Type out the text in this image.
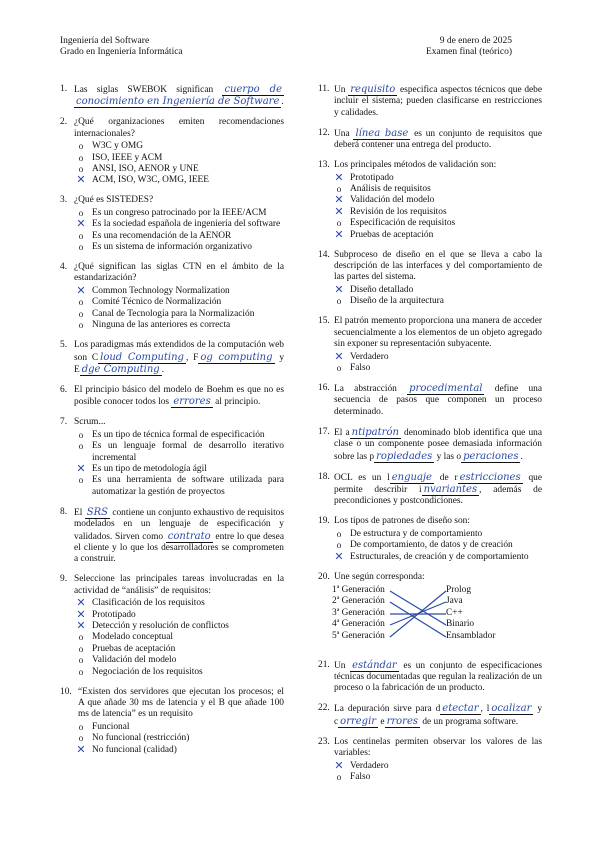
Ingeniería del Software
Grado en Ingeniería Informática
9 de enero de 2025
Examen final (teórico)
1. Las siglas SWEBOK significan cuerpo de conocimiento en Ingeniería de Software .
2. ¿Qué organizaciones emiten recomendaciones internacionales?
o W3C y OMG
o ISO, IEEE y ACM
o ANSI, ISO, AENOR y UNE
✕ ACM, ISO, W3C, OMG, IEEE
3. ¿Qué es SISTEDES?
o Es un congreso patrocinado por la IEEE/ACM
✕ Es la sociedad española de ingeniería del software
o Es una recomendación de la AENOR
o Es un sistema de información organizativo
4. ¿Qué significan las siglas CTN en el ámbito de la estandarización?
✕ Common Technology Normalization
o Comité Técnico de Normalización
o Canal de Tecnología para la Normalización
o Ninguna de las anteriores es correcta
5. Los paradigmas más extendidos de la computación web son C loud Computing , F og computing y E dge Computing .
6. El principio básico del modelo de Boehm es que no es posible conocer todos los errores al principio.
7. Scrum...
o Es un tipo de técnica formal de especificación
o Es un lenguaje formal de desarrollo iterativo incremental
✕ Es un tipo de metodología ágil
o Es una herramienta de software utilizada para automatizar la gestión de proyectos
8. El SRS contiene un conjunto exhaustivo de requisitos modelados en un lenguaje de especificación y validados. Sirven como contrato entre lo que desea el cliente y lo que los desarrolladores se comprometen a construir.
9. Seleccione las principales tareas involucradas en la actividad de “análisis” de requisitos:
✕ Clasificación de los requisitos
✕ Prototipado
✕ Detección y resolución de conflictos
o Modelado conceptual
o Pruebas de aceptación
o Validación del modelo
o Negociación de los requisitos
10. “Existen dos servidores que ejecutan los procesos; el A que añade 30 ms de latencia y el B que añade 100 ms de latencia” es un requisito
o Funcional
o No funcional (restricción)
✕ No funcional (calidad)
11. Un requisito especifica aspectos técnicos que debe incluir el sistema; pueden clasificarse en restricciones y calidades.
12. Una línea base es un conjunto de requisitos que deberá contener una entrega del producto.
13. Los principales métodos de validación son:
✕ Prototipado
o Análisis de requisitos
✕ Validación del modelo
✕ Revisión de los requisitos
o Especificación de requisitos
✕ Pruebas de aceptación
14. Subproceso de diseño en el que se lleva a cabo la descripción de las interfaces y del comportamiento de las partes del sistema.
✕ Diseño detallado
o Diseño de la arquitectura
15. El patrón memento proporciona una manera de acceder secuencialmente a los elementos de un objeto agregado sin exponer su representación subyacente.
✕ Verdadero
o Falso
16. La abstracción procedimental define una secuencia de pasos que componen un proceso determinado.
17. El a ntipatrón denominado blob identifica que una clase o un componente posee demasiada información sobre las p ropiedades y las o peraciones .
18. OCL es un l enguaje de r estricciones que permite describir i nvariantes , además de precondiciones y postcondiciones.
19. Los tipos de patrones de diseño son:
o De estructura y de comportamiento
o De comportamiento, de datos y de creación
✕ Estructurales, de creación y de comportamiento
20. Une según corresponda:
1ª Generación
2ª Generación
3ª Generación
4ª Generación
5ª Generación
Prolog
Java
C++
Binario
Ensamblador
21. Un estándar es un conjunto de especificaciones técnicas documentadas que regulan la realización de un proceso o la fabricación de un producto.
22. La depuración sirve para d etectar , l ocalizar y c orregir e rrores de un programa software.
23. Los centinelas permiten observar los valores de las variables:
✕ Verdadero
o Falso
